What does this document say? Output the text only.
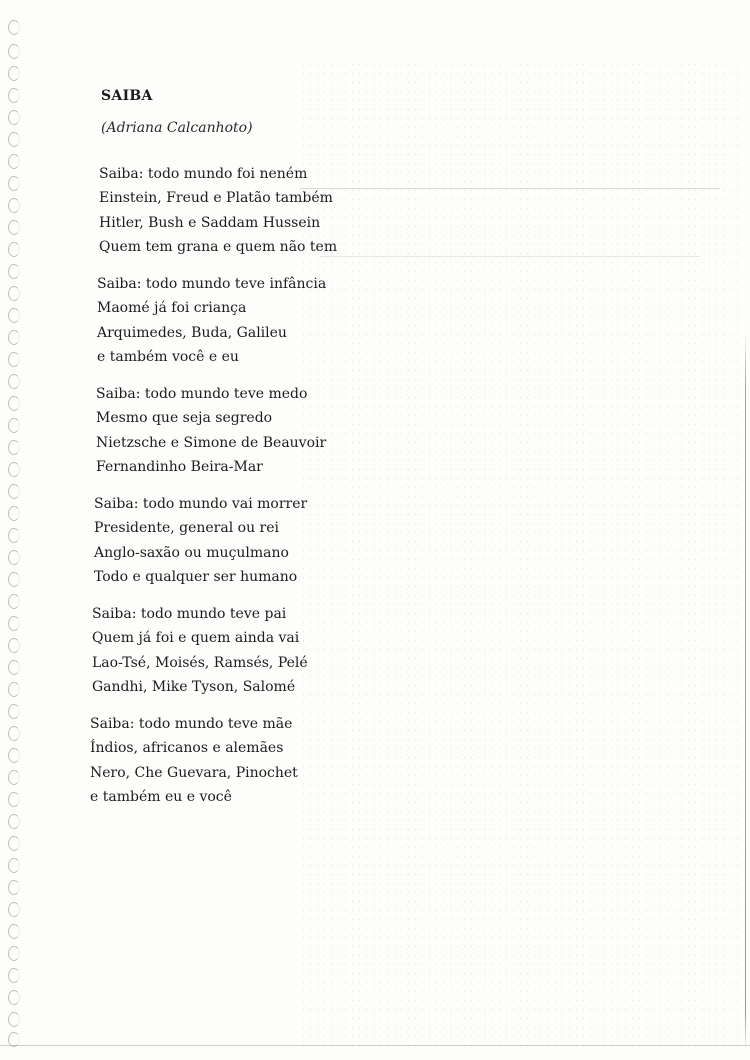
SAIBA
(Adriana Calcanhoto)
Saiba: todo mundo foi neném
Einstein, Freud e Platão também
Hitler, Bush e Saddam Hussein
Quem tem grana e quem não tem
Saiba: todo mundo teve infância
Maomé já foi criança
Arquimedes, Buda, Galileu
e também você e eu
Saiba: todo mundo teve medo
Mesmo que seja segredo
Nietzsche e Simone de Beauvoir
Fernandinho Beira-Mar
Saiba: todo mundo vai morrer
Presidente, general ou rei
Anglo-saxão ou muçulmano
Todo e qualquer ser humano
Saiba: todo mundo teve pai
Quem já foi e quem ainda vai
Lao-Tsé, Moisés, Ramsés, Pelé
Gandhi, Mike Tyson, Salomé
Saiba: todo mundo teve mãe
Índios, africanos e alemães
Nero, Che Guevara, Pinochet
e também eu e você
